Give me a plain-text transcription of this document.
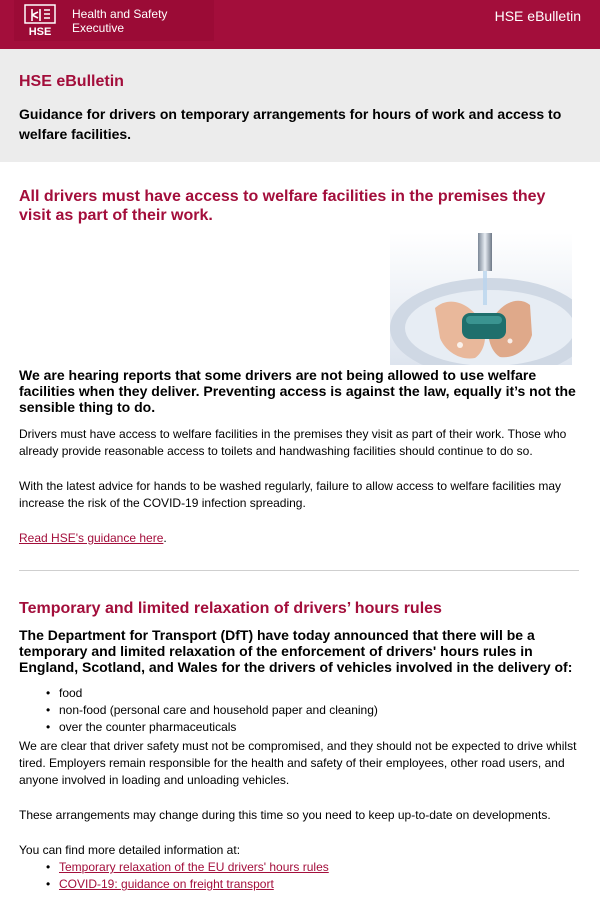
HSE
Health and Safety
Executive
HSE eBulletin
HSE eBulletin
Guidance for drivers on temporary arrangements for hours of work and access to welfare facilities.
All drivers must have access to welfare facilities in the premises they visit as part of their work.
We are hearing reports that some drivers are not being allowed to use welfare facilities when they deliver. Preventing access is against the law, equally it’s not the sensible thing to do.
Drivers must have access to welfare facilities in the premises they visit as part of their work. Those who already provide reasonable access to toilets and handwashing facilities should continue to do so.
With the latest advice for hands to be washed regularly, failure to allow access to welfare facilities may increase the risk of the COVID-19 infection spreading.
Read HSE's guidance here.
Temporary and limited relaxation of drivers’ hours rules
The Department for Transport (DfT) have today announced that there will be a temporary and limited relaxation of the enforcement of drivers' hours rules in England, Scotland, and Wales for the drivers of vehicles involved in the delivery of:
• food
• non-food (personal care and household paper and cleaning)
• over the counter pharmaceuticals
We are clear that driver safety must not be compromised, and they should not be expected to drive whilst tired. Employers remain responsible for the health and safety of their employees, other road users, and anyone involved in loading and unloading vehicles.
These arrangements may change during this time so you need to keep up-to-date on developments.
You can find more detailed information at:
• Temporary relaxation of the EU drivers' hours rules
• COVID-19: guidance on freight transport
